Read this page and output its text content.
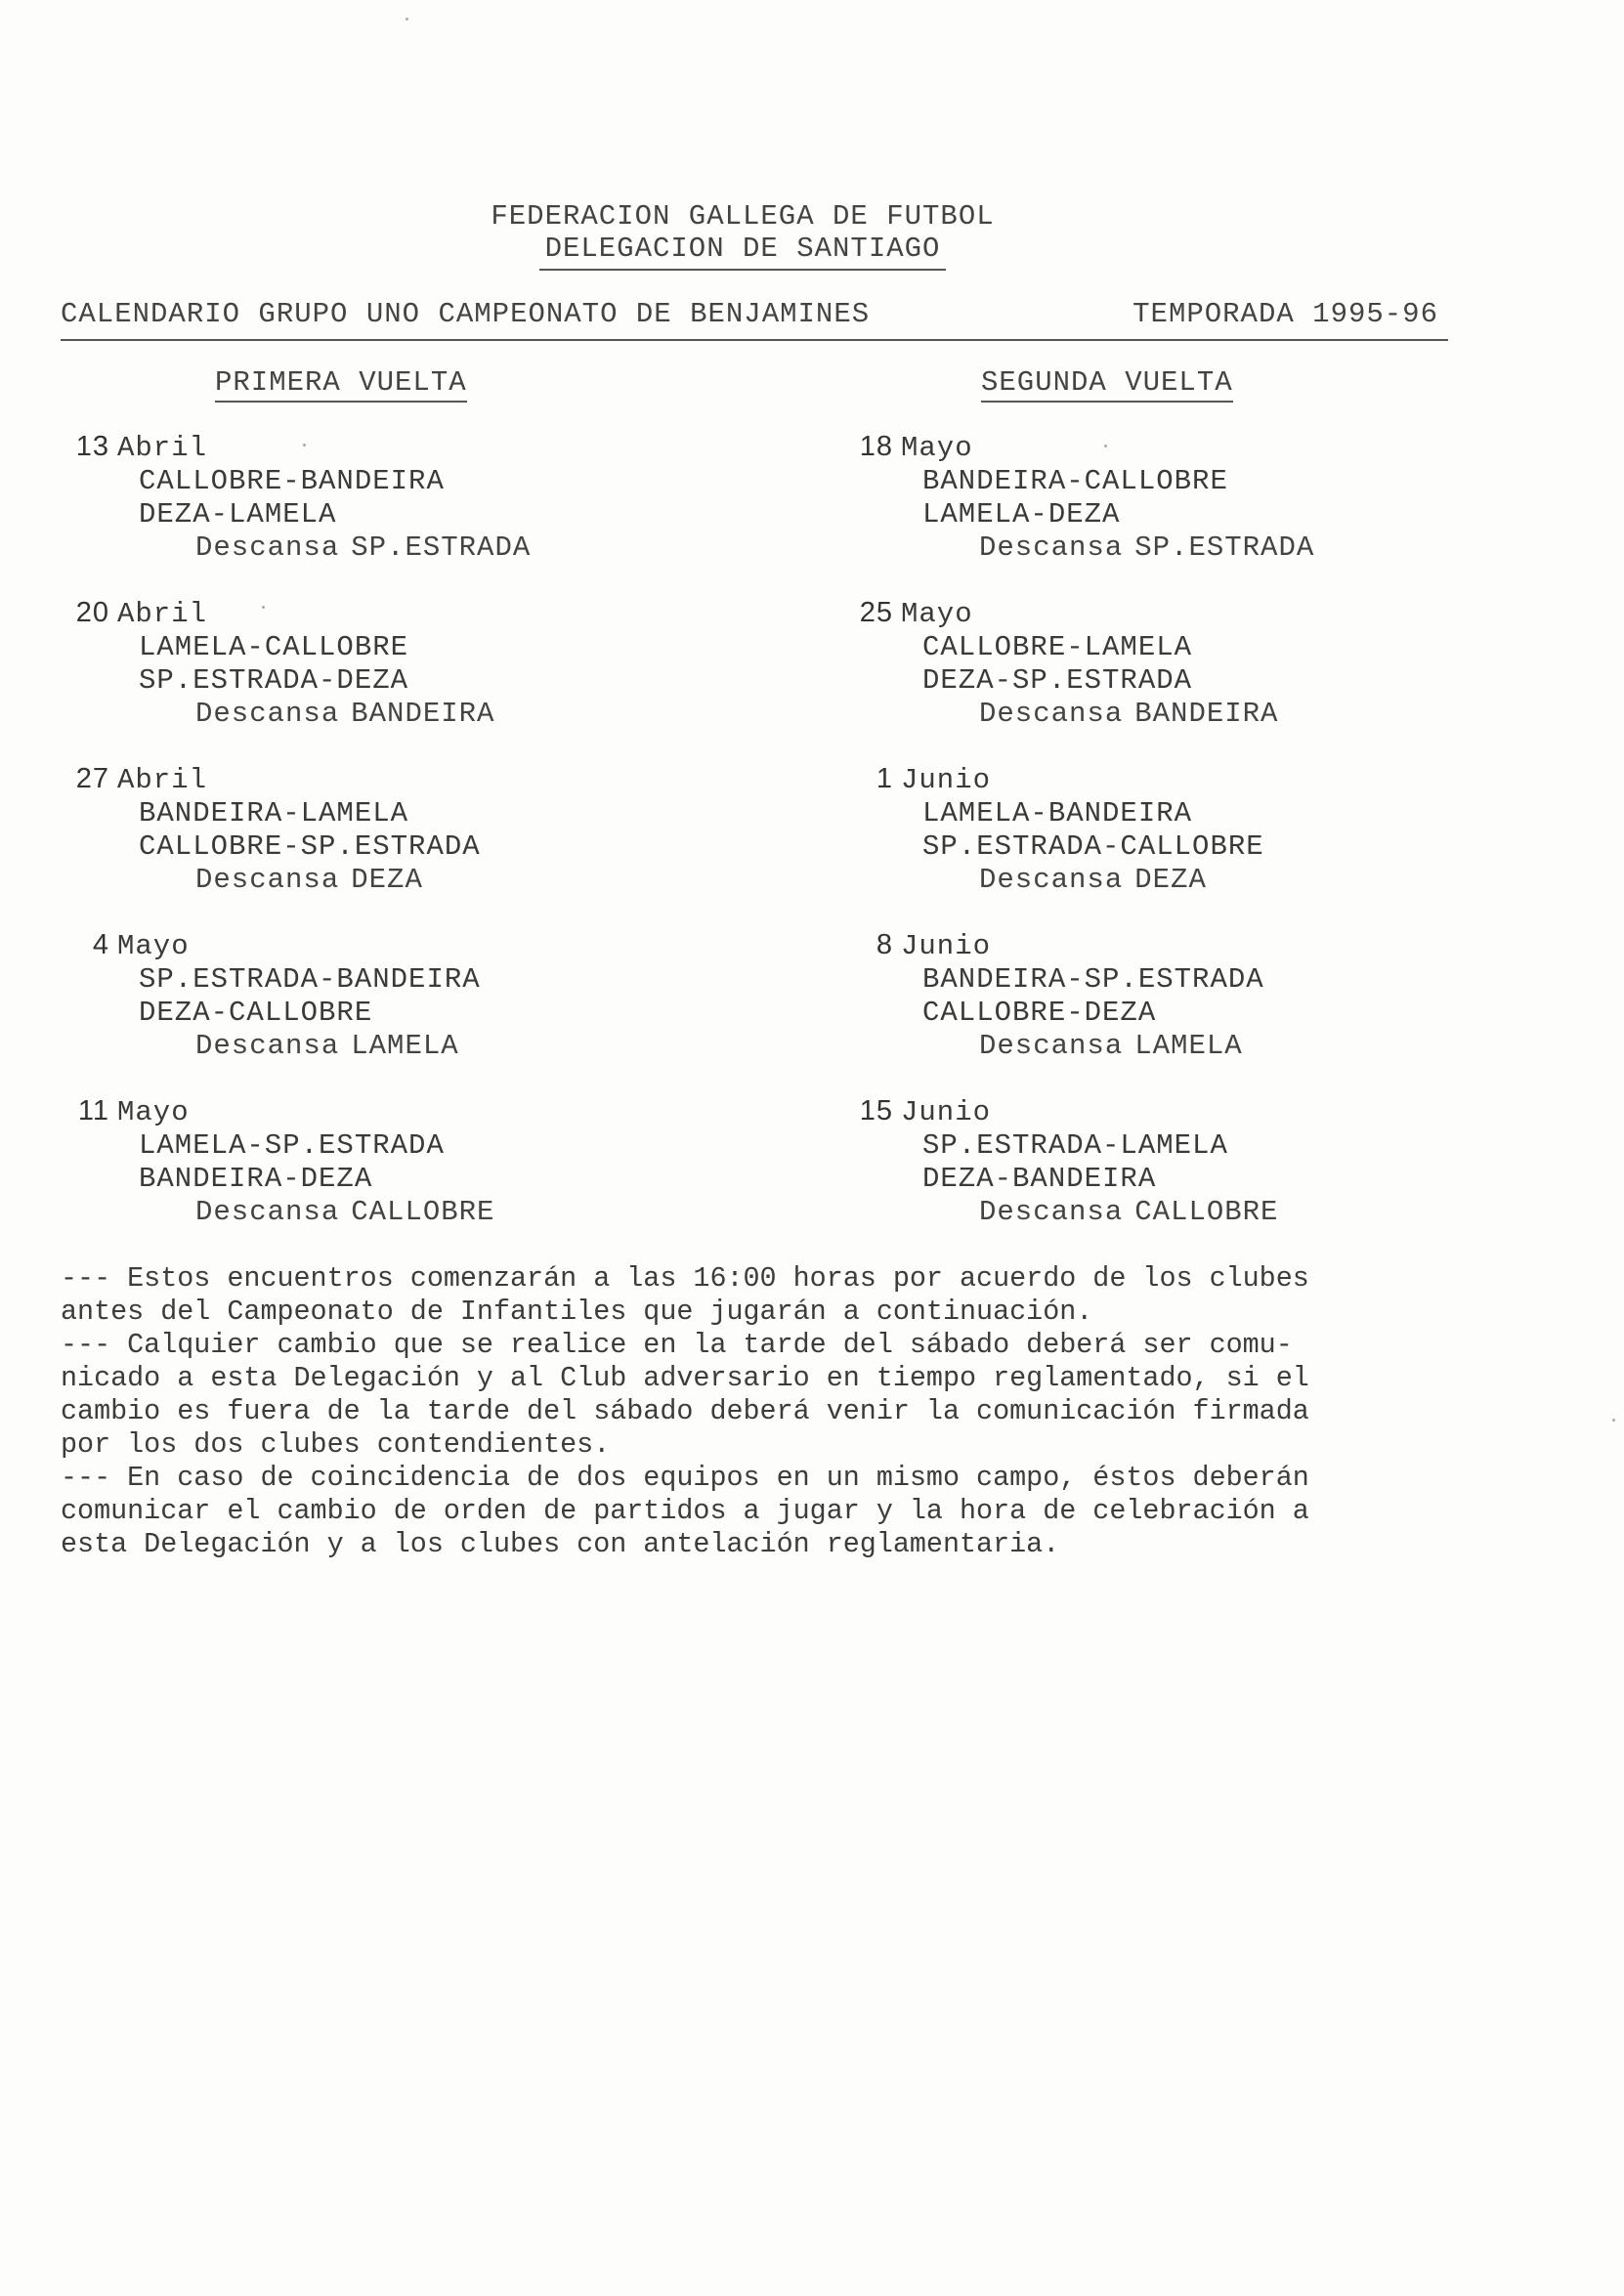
FEDERACION GALLEGA DE FUTBOL
DELEGACION DE SANTIAGO
CALENDARIO GRUPO UNO CAMPEONATO DE BENJAMINES	TEMPORADA 1995-96
PRIMERA VUELTA	SEGUNDA VUELTA
13 Abril
CALLOBRE-BANDEIRA
DEZA-LAMELA
Descansa SP.ESTRADA
20 Abril
LAMELA-CALLOBRE
SP.ESTRADA-DEZA
Descansa BANDEIRA
27 Abril
BANDEIRA-LAMELA
CALLOBRE-SP.ESTRADA
Descansa DEZA
4 Mayo
SP.ESTRADA-BANDEIRA
DEZA-CALLOBRE
Descansa LAMELA
11 Mayo
LAMELA-SP.ESTRADA
BANDEIRA-DEZA
Descansa CALLOBRE
18 Mayo
BANDEIRA-CALLOBRE
LAMELA-DEZA
Descansa SP.ESTRADA
25 Mayo
CALLOBRE-LAMELA
DEZA-SP.ESTRADA
Descansa BANDEIRA
1 Junio
LAMELA-BANDEIRA
SP.ESTRADA-CALLOBRE
Descansa DEZA
8 Junio
BANDEIRA-SP.ESTRADA
CALLOBRE-DEZA
Descansa LAMELA
15 Junio
SP.ESTRADA-LAMELA
DEZA-BANDEIRA
Descansa CALLOBRE

--- Estos encuentros comenzarán a las 16:00 horas por acuerdo de los clubes

antes del Campeonato de Infantiles que jugarán a continuación.

--- Calquier cambio que se realice en la tarde del sábado deberá ser comu-

nicado a esta Delegación y al Club adversario en tiempo reglamentado, si el

cambio es fuera de la tarde del sábado deberá venir la comunicación firmada

por los dos clubes contendientes.

--- En caso de coincidencia de dos equipos en un mismo campo, éstos deberán

comunicar el cambio de orden de partidos a jugar y la hora de celebración a

esta Delegación y a los clubes con antelación reglamentaria.
